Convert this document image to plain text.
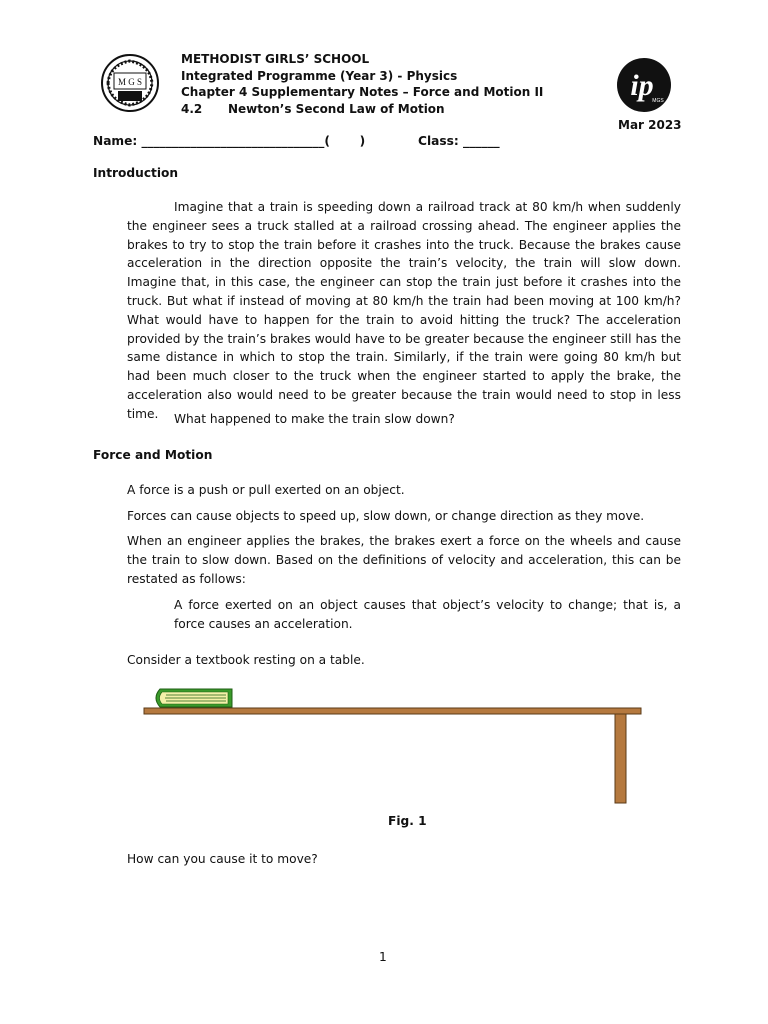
M G S
METHODIST GIRLS’ SCHOOL
Integrated Programme (Year 3) - Physics
Chapter 4 Supplementary Notes – Force and Motion II
4.2 Newton’s Second Law of Motion
ip
MGS
Mar 2023
Name: ______________________________(       )	Class: ______
Introduction

Imagine that a train is speeding down a railroad track at 80 km/h when suddenly the engineer sees a truck stalled at a railroad crossing ahead. The engineer applies the brakes to try to stop the train before it crashes into the truck. Because the brakes cause acceleration in the direction opposite the train’s velocity, the train will slow down. Imagine that, in this case, the engineer can stop the train just before it crashes into the truck. But what if instead of moving at 80 km/h the train had been moving at 100 km/h? What would have to happen for the train to avoid hitting the truck? The acceleration provided by the train’s brakes would have to be greater because the engineer still has the same distance in which to stop the train. Similarly, if the train were going 80 km/h but had been much closer to the truck when the engineer started to apply the brake, the acceleration also would need to be greater because the train would need to stop in less time.	What happened to make the train slow down?
Force and Motion
A force is a push or pull exerted on an object.
Forces can cause objects to speed up, slow down, or change direction as they move.
When an engineer applies the brakes, the brakes exert a force on the wheels and cause the train to slow down. Based on the definitions of velocity and acceleration, this can be restated as follows:
A force exerted on an object causes that object’s velocity to change; that is, a force causes an acceleration.
Consider a textbook resting on a table.
Fig. 1
How can you cause it to move?
1
